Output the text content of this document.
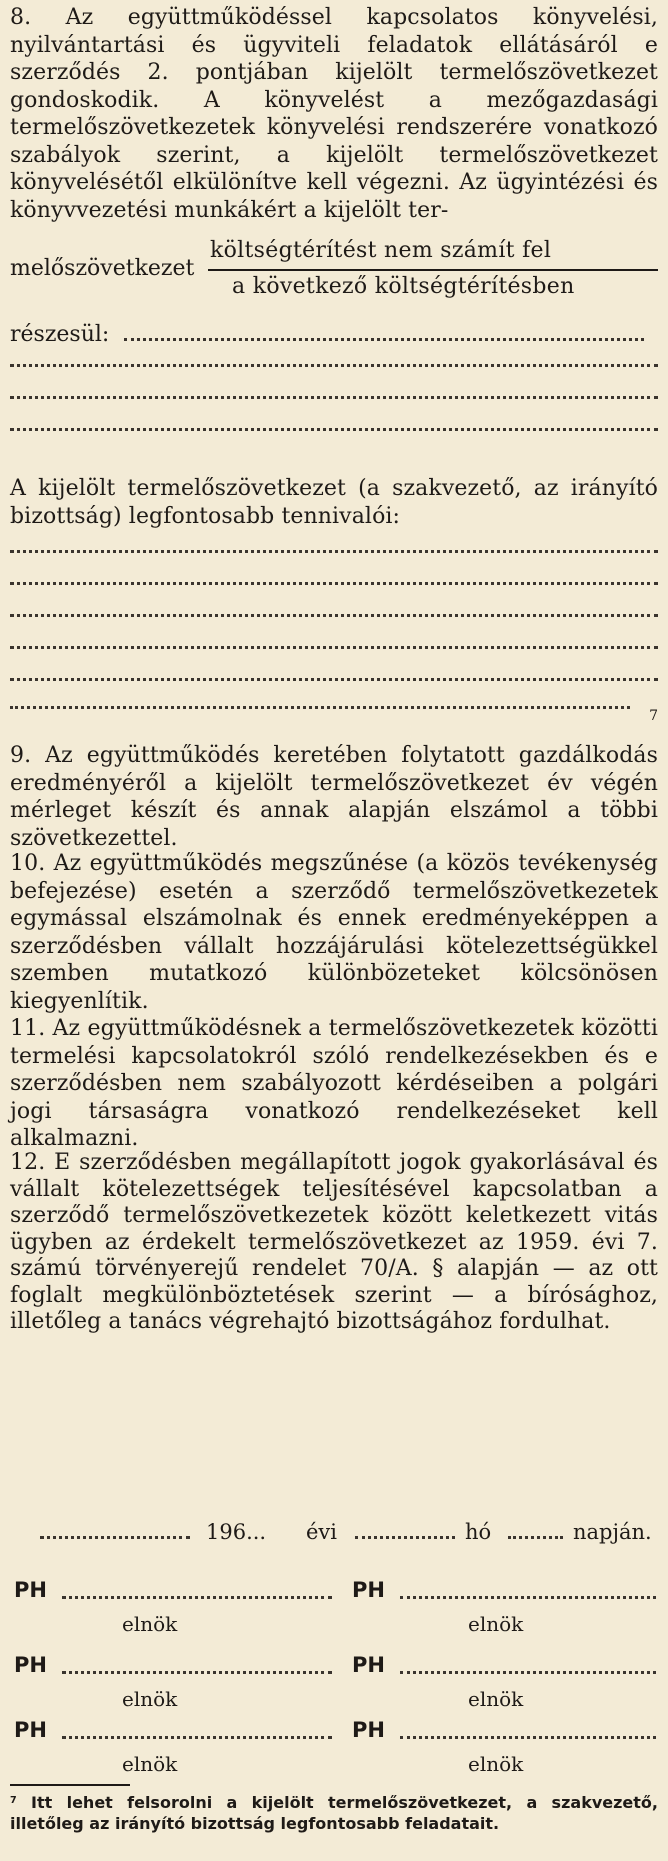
8. Az együttműködéssel kapcsolatos könyvelési, nyilvántartási és ügyviteli feladatok ellátásáról e szerződés 2. pontjában kijelölt termelőszövetkezet gondoskodik. A könyvelést a mezőgazdasági termelőszövetkezetek könyvelési rendszerére vonatkozó szabályok szerint, a kijelölt termelőszövetkezet könyvelésétől elkülönítve kell végezni. Az ügyintézési és könyvvezetési munkákért a kijelölt ter-
melőszövetkezet
költségtérítést nem számít fel
a következő költségtérítésben
részesül:
A kijelölt termelőszövetkezet (a szakvezető, az irányító bizottság) legfontosabb tennivalói:
7
9. Az együttműködés keretében folytatott gazdálkodás eredményéről a kijelölt termelőszövetkezet év végén mérleget készít és annak alapján elszámol a többi szövetkezettel.
10. Az együttműködés megszűnése (a közös tevékenység befejezése) esetén a szerződő termelőszövetkezetek egymással elszámolnak és ennek eredményeképpen a szerződésben vállalt hozzájárulási kötelezettségükkel szemben mutatkozó különbözeteket kölcsönösen kiegyenlítik.
11. Az együttműködésnek a termelőszövetkezetek közötti termelési kapcsolatokról szóló rendelkezésekben és e szerződésben nem szabályozott kérdéseiben a polgári jogi társaságra vonatkozó rendelkezéseket kell alkalmazni.
12. E szerződésben megállapított jogok gyakorlásával és vállalt kötelezettségek teljesítésével kapcsolatban a szerződő termelőszövetkezetek között keletkezett vitás ügyben az érdekelt termelőszövetkezet az 1959. évi 7. számú törvényerejű rendelet 70/A. § alapján — az ott foglalt megkülönböztetések szerint — a bírósághoz, illetőleg a tanács végrehajtó bizottságához fordulhat.
196... évi	hó	napján.
PH
elnök
PH
elnök
PH
elnök
PH
elnök
PH
elnök
PH
elnök
$^7$ Itt lehet felsorolni a kijelölt termelőszövetkezet, a szakvezető, illetőleg az irányító bizottság legfontosabb feladatait.
